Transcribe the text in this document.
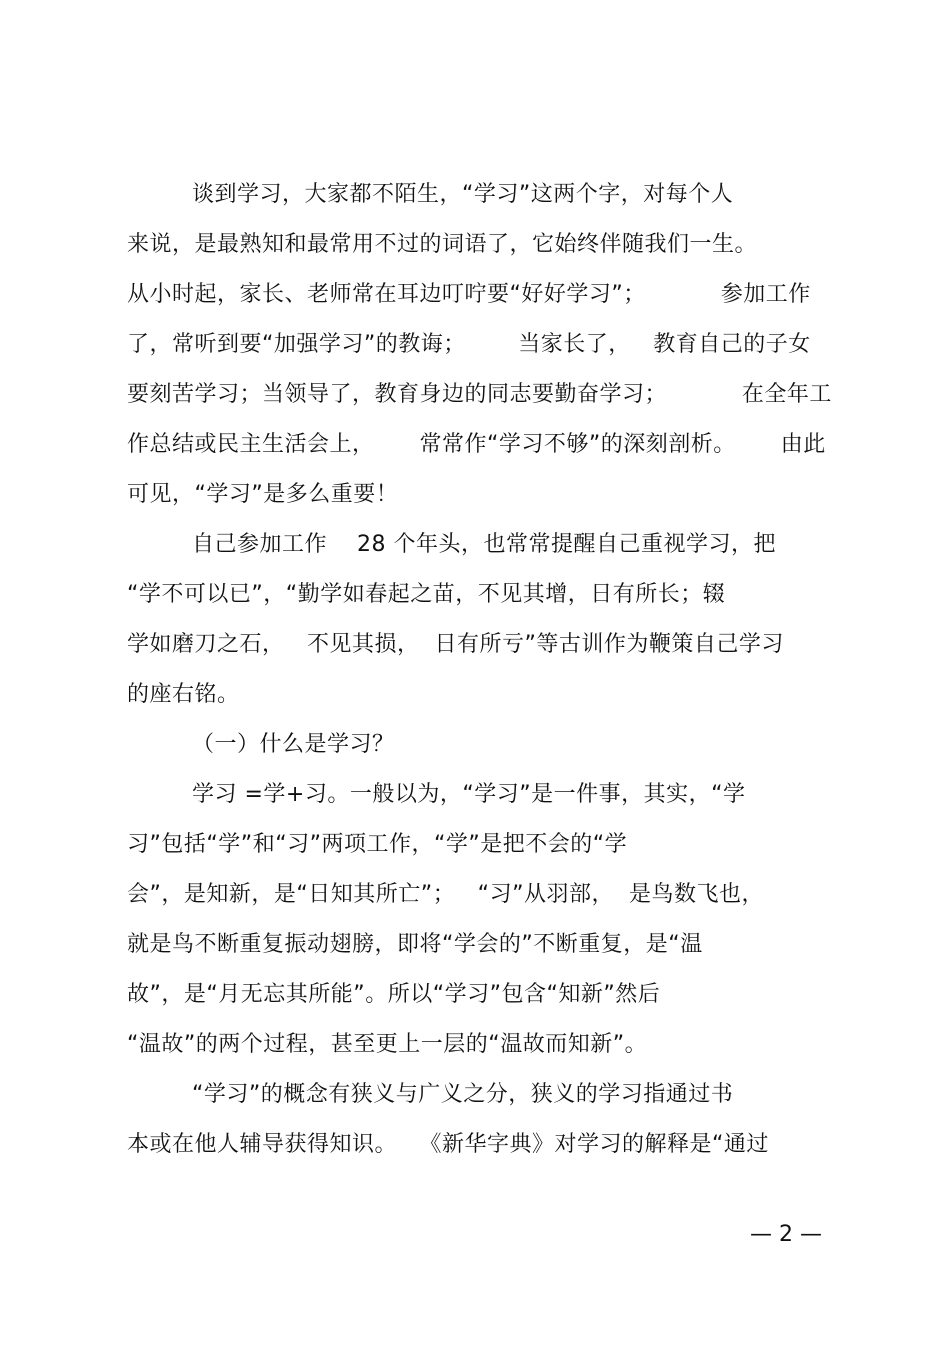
谈到学习，大家都不陌生，“学习”这两个字，对每个人
来说，是最熟知和最常用不过的词语了，它始终伴随我们一生。
从小时起，家长、老师常在耳边叮咛要“好好学习”；          参加工作
了，常听到要“加强学习”的教诲；       当家长了，   教育自己的子女
要刻苦学习；当领导了，教育身边的同志要勤奋学习；          在全年工
作总结或民主生活会上，      常常作“学习不够”的深刻剖析。      由此
可见，“学习”是多么重要！
自己参加工作    28 个年头，也常常提醒自己重视学习，把
“学不可以已”，“勤学如春起之苗，不见其增，日有所长；辍
学如磨刀之石，   不见其损，  日有所亏”等古训作为鞭策自己学习
的座右铭。
（一）什么是学习？
学习 =学+习。一般以为，“学习”是一件事，其实，“学
习”包括“学”和“习”两项工作，“学”是把不会的“学
会”，是知新，是“日知其所亡”；   “习”从羽部，  是鸟数飞也，
就是鸟不断重复振动翅膀，即将“学会的”不断重复，是“温
故”，是“月无忘其所能”。所以“学习”包含“知新”然后
“温故”的两个过程，甚至更上一层的“温故而知新”。
“学习”的概念有狭义与广义之分，狭义的学习指通过书
本或在他人辅导获得知识。   《新华字典》对学习的解释是“通过
— 2 —
